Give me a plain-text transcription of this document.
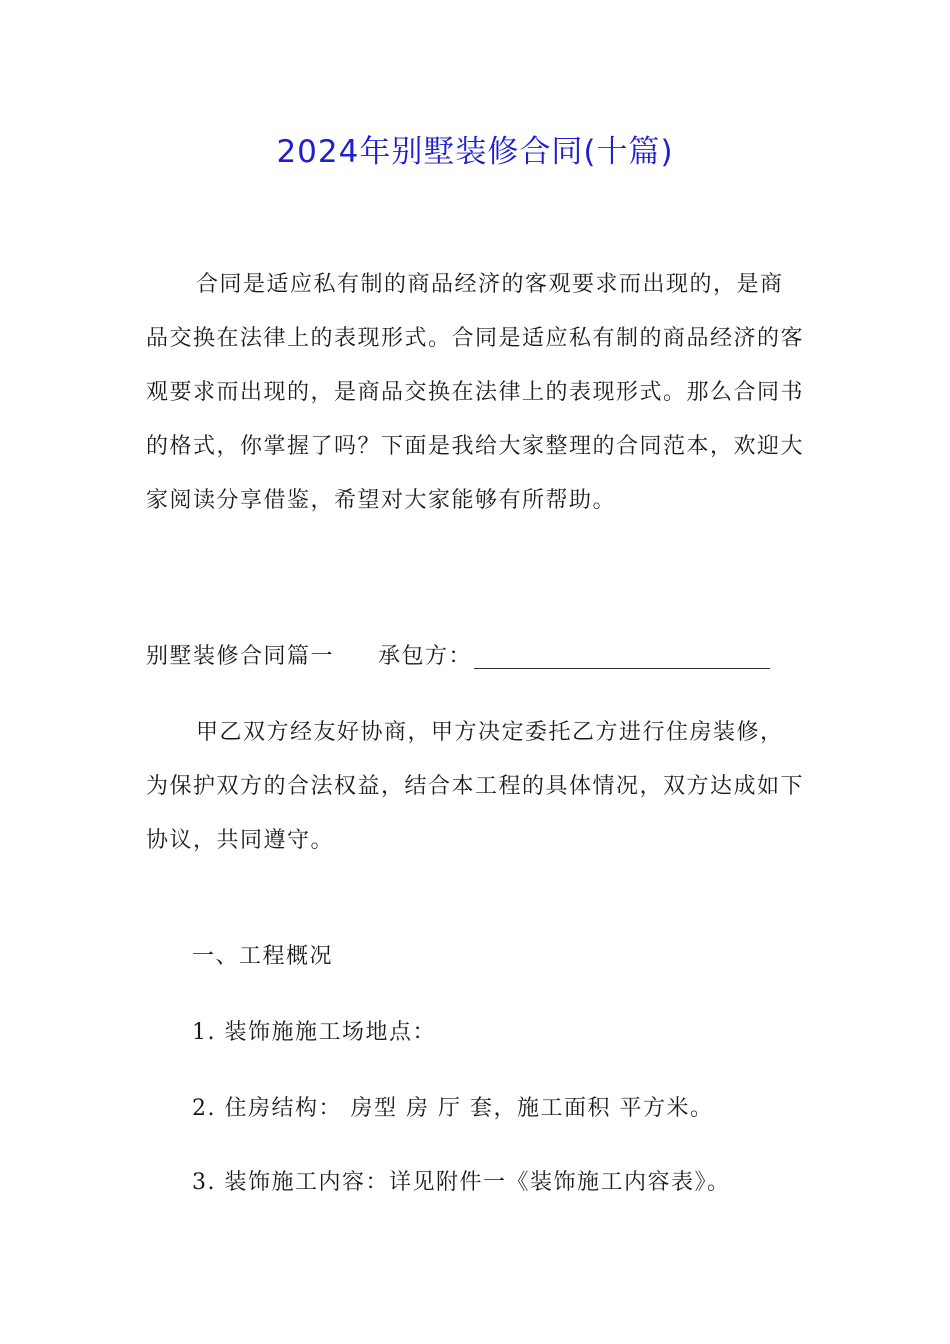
2024年别墅装修合同(十篇)

合同是适应私有制的商品经济的客观要求而出现的，是商品交换在法律上的表现形式。合同是适应私有制的商品经济的客观要求而出现的，是商品交换在法律上的表现形式。那么合同书的格式，你掌握了吗？下面是我给大家整理的合同范本，欢迎大家阅读分享借鉴，希望对大家能够有所帮助。

别墅装修合同篇一 承包方：

甲乙双方经友好协商，甲方决定委托乙方进行住房装修，为保护双方的合法权益，结合本工程的具体情况，双方达成如下协议，共同遵守。

一、工程概况
1. 装饰施施工场地点：
2. 住房结构： 房型 房 厅 套，施工面积 平方米。
3. 装饰施工内容：详见附件一《装饰施工内容表》。
